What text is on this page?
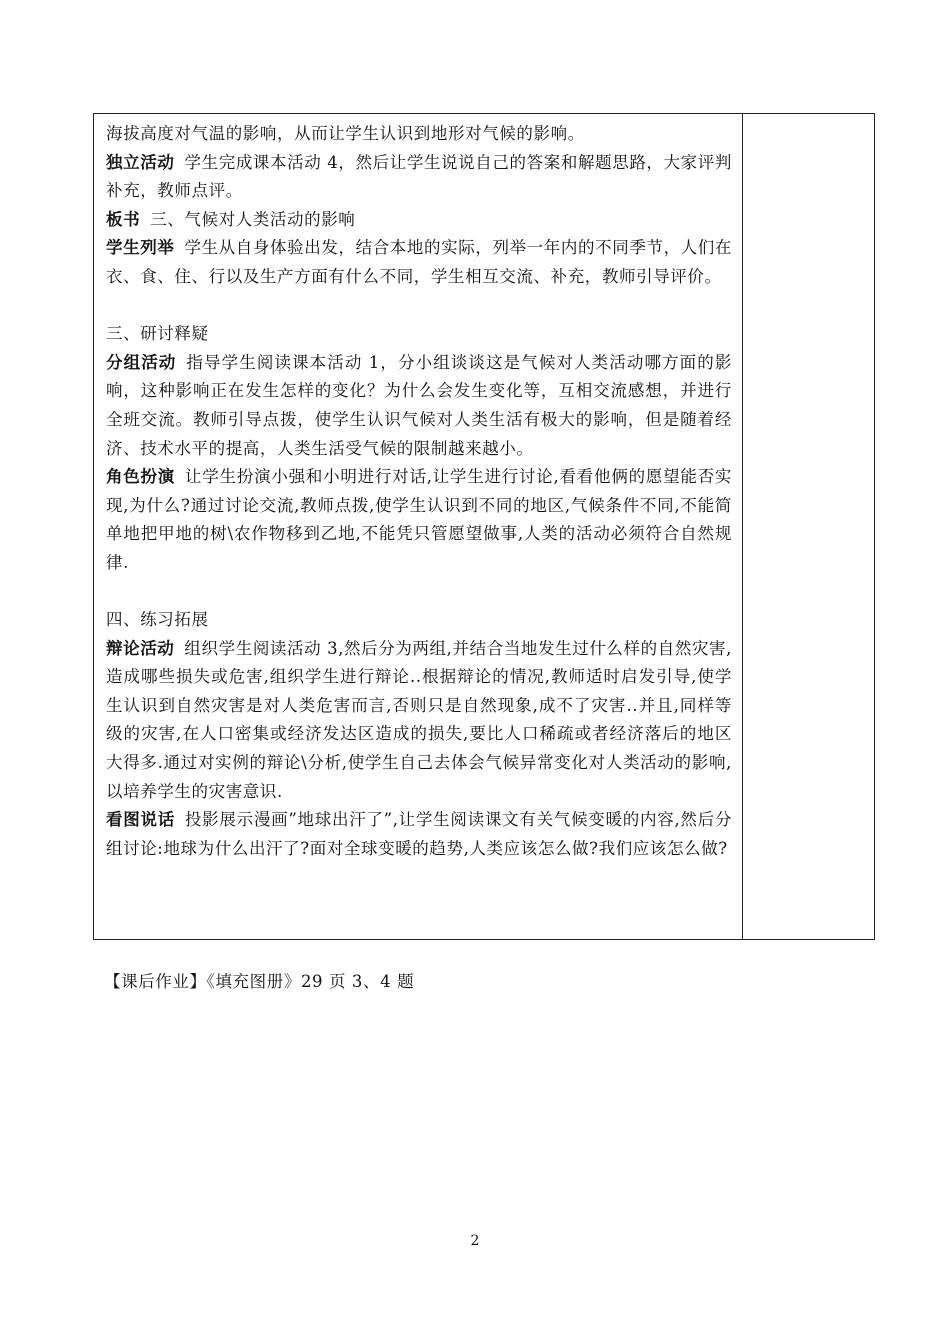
海拔高度对气温的影响，从而让学生认识到地形对气候的影响。

独立活动 学生完成课本活动 4，然后让学生说说自己的答案和解题思路，大家评判补充，教师点评。

板书 三、气候对人类活动的影响

学生列举 学生从自身体验出发，结合本地的实际，列举一年内的不同季节，人们在衣、食、住、行以及生产方面有什么不同，学生相互交流、补充，教师引导评价。

三、研讨释疑

分组活动 指导学生阅读课本活动 1，分小组谈谈这是气候对人类活动哪方面的影响，这种影响正在发生怎样的变化？为什么会发生变化等，互相交流感想，并进行全班交流。教师引导点拨，使学生认识气候对人类生活有极大的影响，但是随着经济、技术水平的提高，人类生活受气候的限制越来越小。

角色扮演 让学生扮演小强和小明进行对话,让学生进行讨论,看看他俩的愿望能否实现,为什么?通过讨论交流,教师点拨,使学生认识到不同的地区,气候条件不同,不能简单地把甲地的树\农作物移到乙地,不能凭只管愿望做事,人类的活动必须符合自然规律.

四、练习拓展

辩论活动 组织学生阅读活动 3,然后分为两组,并结合当地发生过什么样的自然灾害,造成哪些损失或危害,组织学生进行辩论..根据辩论的情况,教师适时启发引导,使学生认识到自然灾害是对人类危害而言,否则只是自然现象,成不了灾害..并且,同样等级的灾害,在人口密集或经济发达区造成的损失,要比人口稀疏或者经济落后的地区大得多.通过对实例的辩论\分析,使学生自己去体会气候异常变化对人类活动的影响,以培养学生的灾害意识.

看图说话 投影展示漫画”地球出汗了”,让学生阅读课文有关气候变暖的内容,然后分组讨论:地球为什么出汗了?面对全球变暖的趋势,人类应该怎么做?我们应该怎么做?

【课后作业】《填充图册》29 页 3、4 题
2
